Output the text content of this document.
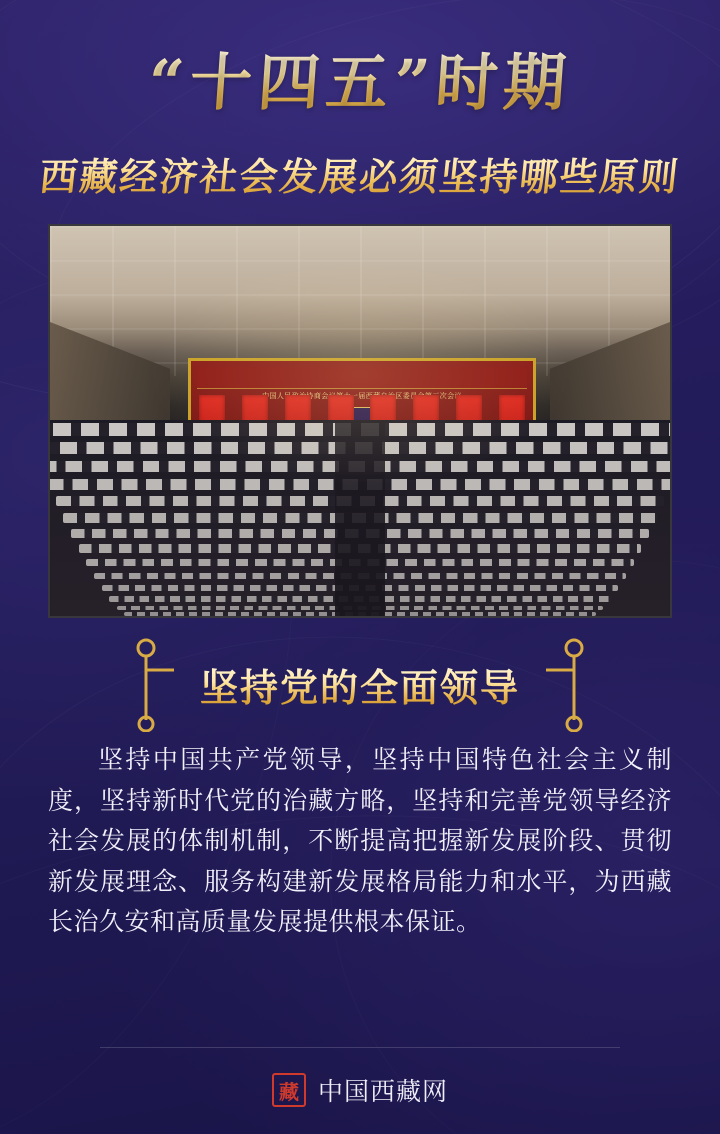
“十四五”时期
西藏经济社会发展必须坚持哪些原则
坚持党的全面领导
坚持中国共产党领导，坚持中国特色社会主义制度，坚持新时代党的治藏方略，坚持和完善党领导经济社会发展的体制机制，不断提高把握新发展阶段、贯彻新发展理念、服务构建新发展格局能力和水平，为西藏长治久安和高质量发展提供根本保证。
藏 中国西藏网
